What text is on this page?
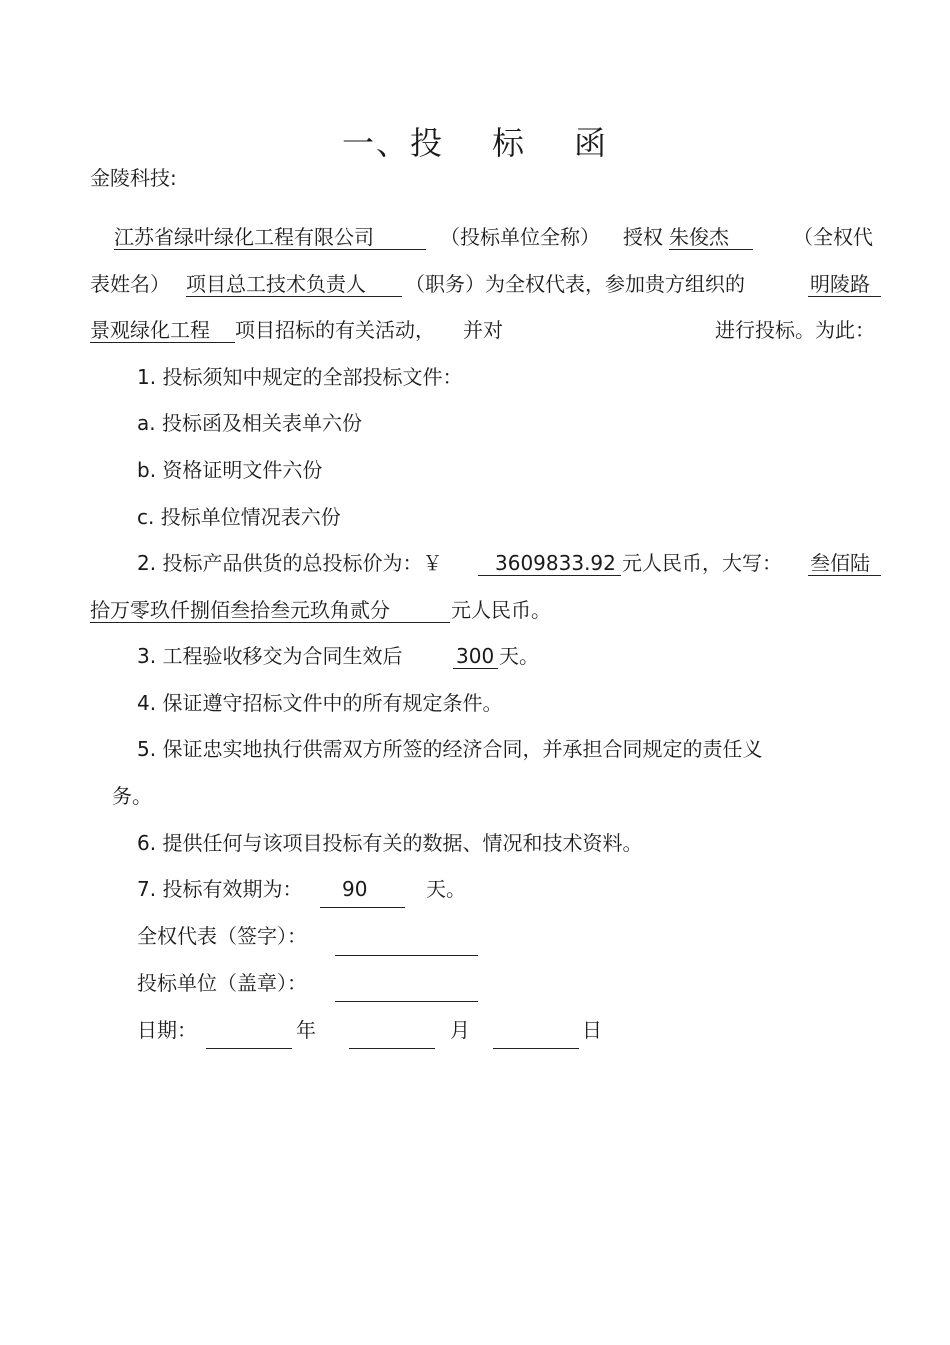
一、投 标 函
金陵科技:
江苏省绿叶绿化工程有限公司	（投标单位全称） 授权 朱俊杰	（全权代
表姓名） 项目总工技术负责人 （职务）为全权代表，参加贵方组织的	明陵路
景观绿化工程 项目招标的有关活动， 并对	进行投标。为此：
1. 投标须知中规定的全部投标文件：
a. 投标函及相关表单六份
b. 资格证明文件六份
c. 投标单位情况表六份
2. 投标产品供货的总投标价为：￥	3609833.92 元人民币，大写： 叁佰陆
拾万零玖仟捌佰叁拾叁元玖角贰分	元人民币。
3. 工程验收移交为合同生效后	300 天。
4. 保证遵守招标文件中的所有规定条件。
5. 保证忠实地执行供需双方所签的经济合同，并承担合同规定的责任义
务。
6. 提供任何与该项目投标有关的数据、情况和技术资料。
7. 投标有效期为： 90	天。
全权代表（签字）：
投标单位（盖章）：
日期：	年	月	日
